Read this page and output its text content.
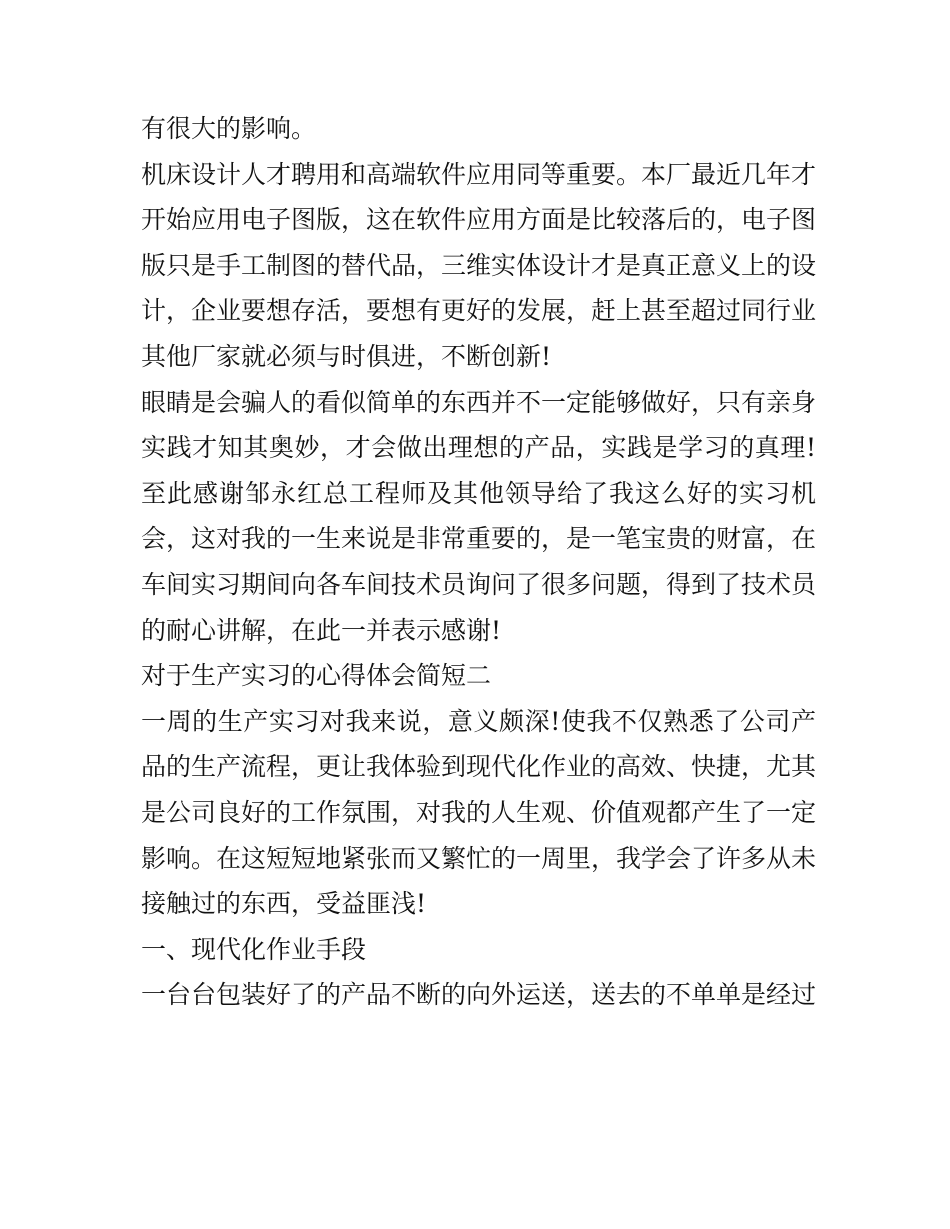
有很大的影响。
机床设计人才聘用和高端软件应用同等重要。本厂最近几年才
开始应用电子图版，这在软件应用方面是比较落后的，电子图
版只是手工制图的替代品，三维实体设计才是真正意义上的设
计，企业要想存活，要想有更好的发展，赶上甚至超过同行业
其他厂家就必须与时俱进，不断创新!
眼睛是会骗人的看似简单的东西并不一定能够做好，只有亲身
实践才知其奥妙，才会做出理想的产品，实践是学习的真理!
至此感谢邹永红总工程师及其他领导给了我这么好的实习机
会，这对我的一生来说是非常重要的，是一笔宝贵的财富，在
车间实习期间向各车间技术员询问了很多问题，得到了技术员
的耐心讲解，在此一并表示感谢!
对于生产实习的心得体会简短二
一周的生产实习对我来说，意义颇深!使我不仅熟悉了公司产
品的生产流程，更让我体验到现代化作业的高效、快捷，尤其
是公司良好的工作氛围，对我的人生观、价值观都产生了一定
影响。在这短短地紧张而又繁忙的一周里，我学会了许多从未
接触过的东西，受益匪浅!
一、现代化作业手段
一台台包装好了的产品不断的向外运送，送去的不单单是经过
